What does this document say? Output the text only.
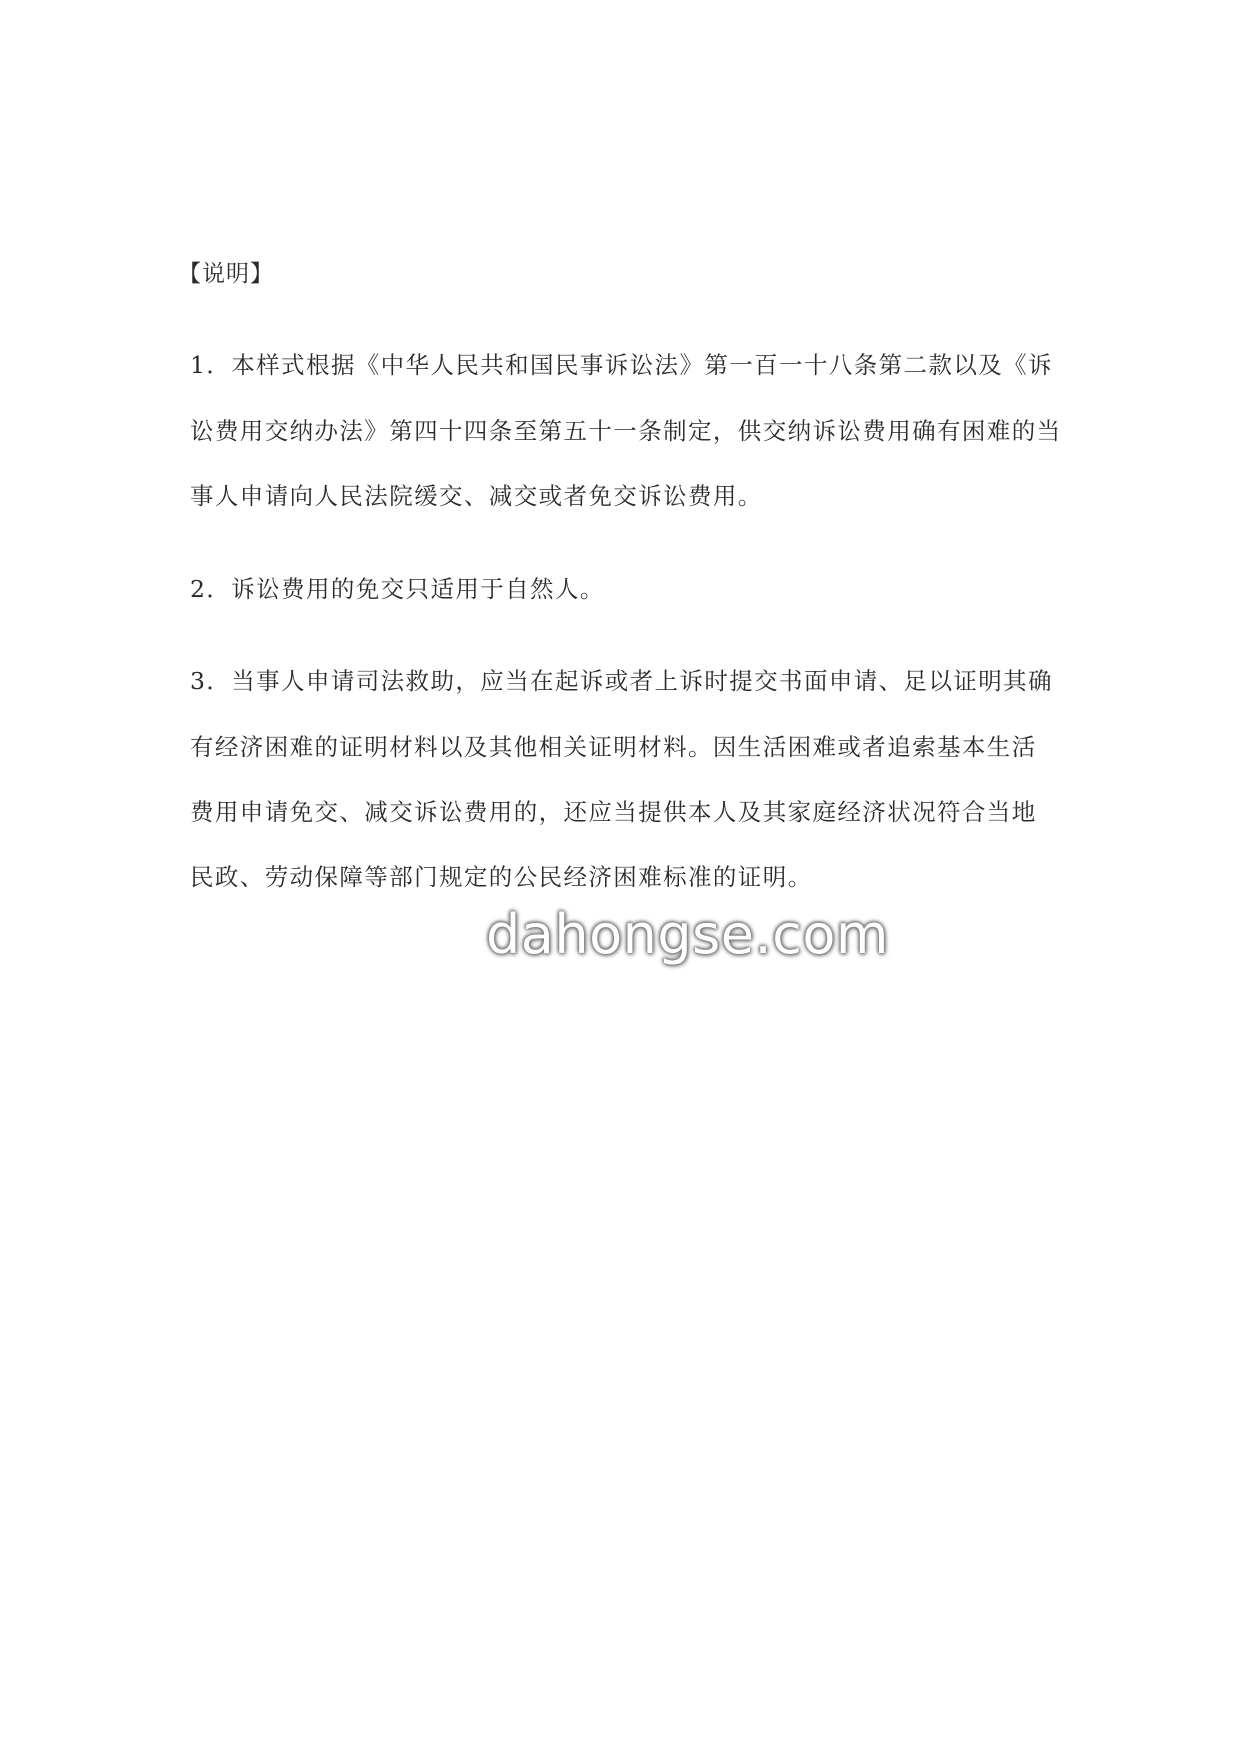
【说明】
1．本样式根据《中华人民共和国民事诉讼法》第一百一十八条第二款以及《诉
讼费用交纳办法》第四十四条至第五十一条制定，供交纳诉讼费用确有困难的当
事人申请向人民法院缓交、减交或者免交诉讼费用。
2．诉讼费用的免交只适用于自然人。
3．当事人申请司法救助，应当在起诉或者上诉时提交书面申请、足以证明其确
有经济困难的证明材料以及其他相关证明材料。因生活困难或者追索基本生活
费用申请免交、减交诉讼费用的，还应当提供本人及其家庭经济状况符合当地
民政、劳动保障等部门规定的公民经济困难标准的证明。
dahongse.com
